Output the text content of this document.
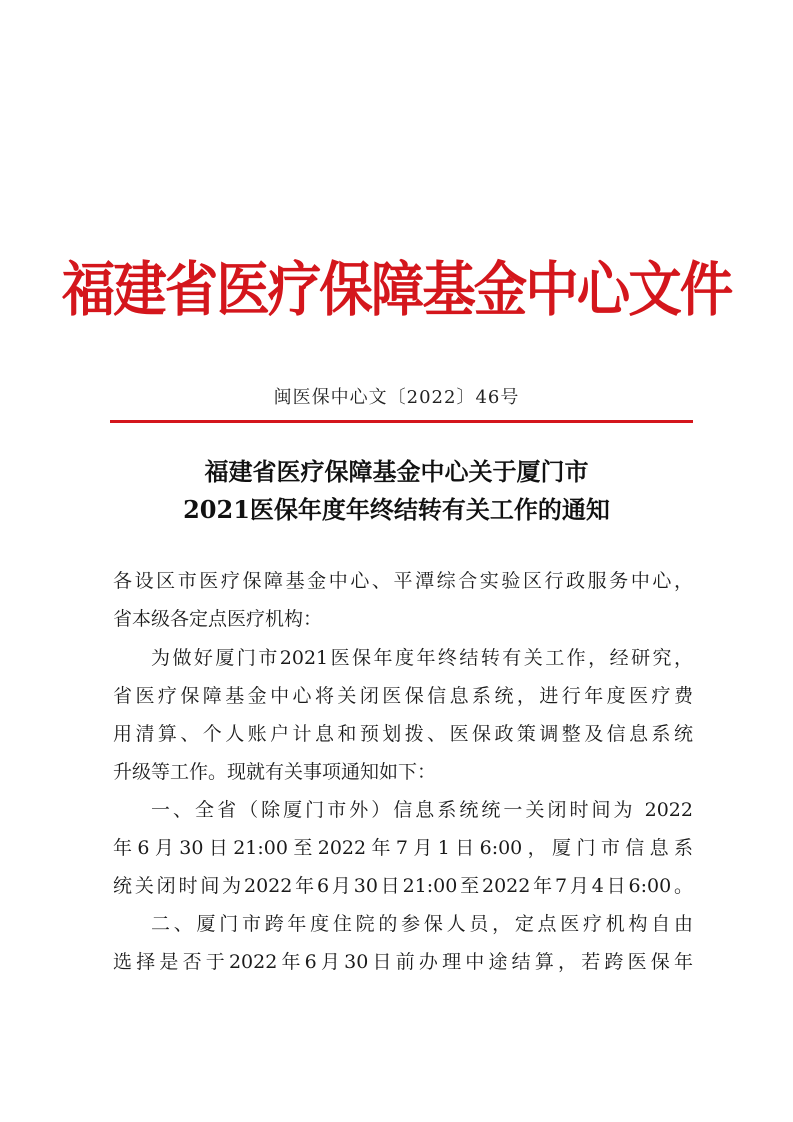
福建省医疗保障基金中心文件
闽医保中心文〔2022〕46号
福建省医疗保障基金中心关于厦门市
2021医保年度年终结转有关工作的通知
各设区市医疗保障基金中心、平潭综合实验区行政服务中心，
省本级各定点医疗机构：
为做好厦门市2021医保年度年终结转有关工作，经研究，
省医疗保障基金中心将关闭医保信息系统，进行年度医疗费
用清算、个人账户计息和预划拨、医保政策调整及信息系统
升级等工作。现就有关事项通知如下：
一、全省（除厦门市外）信息系统统一关闭时间为 2022
年6月30日21:00至2022年7月1日6:00，厦门市信息系
统关闭时间为2022年6月30日21:00至2022年7月4日6:00。
二、厦门市跨年度住院的参保人员，定点医疗机构自由
选择是否于2022年6月30日前办理中途结算，若跨医保年
